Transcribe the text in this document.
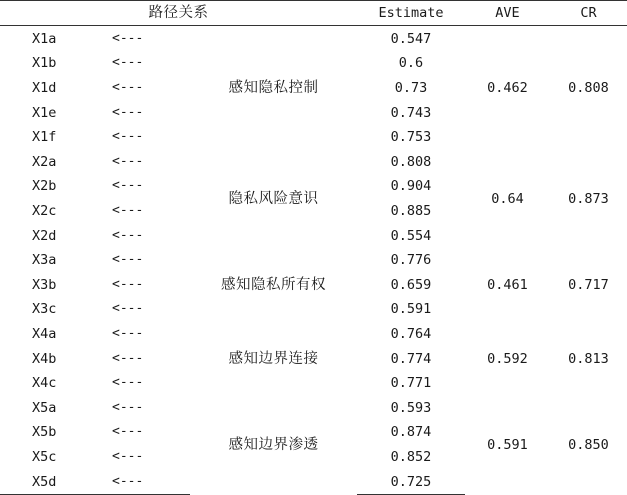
路径关系			Estimate	AVE	CR
X1a	<---	感知隐私控制	0.547	0.462	0.808
X1b	<---		0.6		
X1d	<---		0.73		
X1e	<---		0.743		
X1f	<---		0.753		
X2a	<---	隐私风险意识	0.808	0.64	0.873
X2b	<---		0.904		
X2c	<---		0.885		
X2d	<---		0.554		
X3a	<---	感知隐私所有权	0.776	0.461	0.717
X3b	<---		0.659		
X3c	<---		0.591		
X4a	<---	感知边界连接	0.764	0.592	0.813
X4b	<---		0.774		
X4c	<---		0.771		
X5a	<---	感知边界渗透	0.593	0.591	0.850
X5b	<---		0.874		
X5c	<---		0.852		
X5d	<---		0.725		
